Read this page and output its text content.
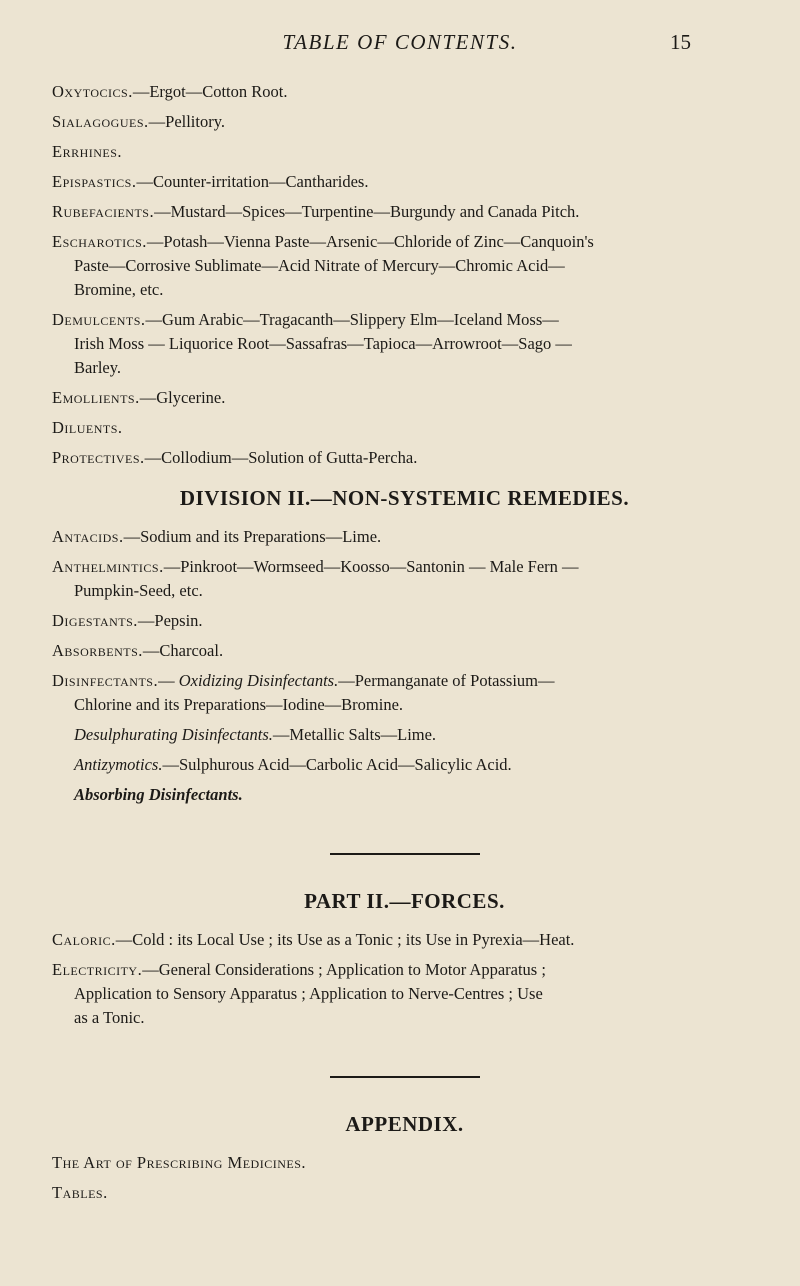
TABLE OF CONTENTS.	15
Oxytocics.—Ergot—Cotton Root.
Sialagogues.—Pellitory.
Errhines.
Epispastics.—Counter-irritation—Cantharides.
Rubefacients.—Mustard—Spices—Turpentine—Burgundy and Canada Pitch.
Escharotics.—Potash—Vienna Paste—Arsenic—Chloride of Zinc—Canquoin's
Paste—Corrosive Sublimate—Acid Nitrate of Mercury—Chromic Acid—
Bromine, etc.
Demulcents.—Gum Arabic—Tragacanth—Slippery Elm—Iceland Moss—
Irish Moss — Liquorice Root—Sassafras—Tapioca—Arrowroot—Sago —
Barley.
Emollients.—Glycerine.
Diluents.
Protectives.—Collodium—Solution of Gutta-Percha.
DIVISION II.—NON-SYSTEMIC REMEDIES.
Antacids.—Sodium and its Preparations—Lime.
Anthelmintics.—Pinkroot—Wormseed—Koosso—Santonin — Male Fern —
Pumpkin-Seed, etc.
Digestants.—Pepsin.
Absorbents.—Charcoal.
Disinfectants.— Oxidizing Disinfectants.—Permanganate of Potassium—
Chlorine and its Preparations—Iodine—Bromine.
Desulphurating Disinfectants.—Metallic Salts—Lime.
Antizymotics.—Sulphurous Acid—Carbolic Acid—Salicylic Acid.
Absorbing Disinfectants.
PART II.—FORCES.
Caloric.—Cold : its Local Use ; its Use as a Tonic ; its Use in Pyrexia—Heat.
Electricity.—General Considerations ; Application to Motor Apparatus ;
Application to Sensory Apparatus ; Application to Nerve-Centres ; Use
as a Tonic.
APPENDIX.
The Art of Prescribing Medicines.
Tables.
